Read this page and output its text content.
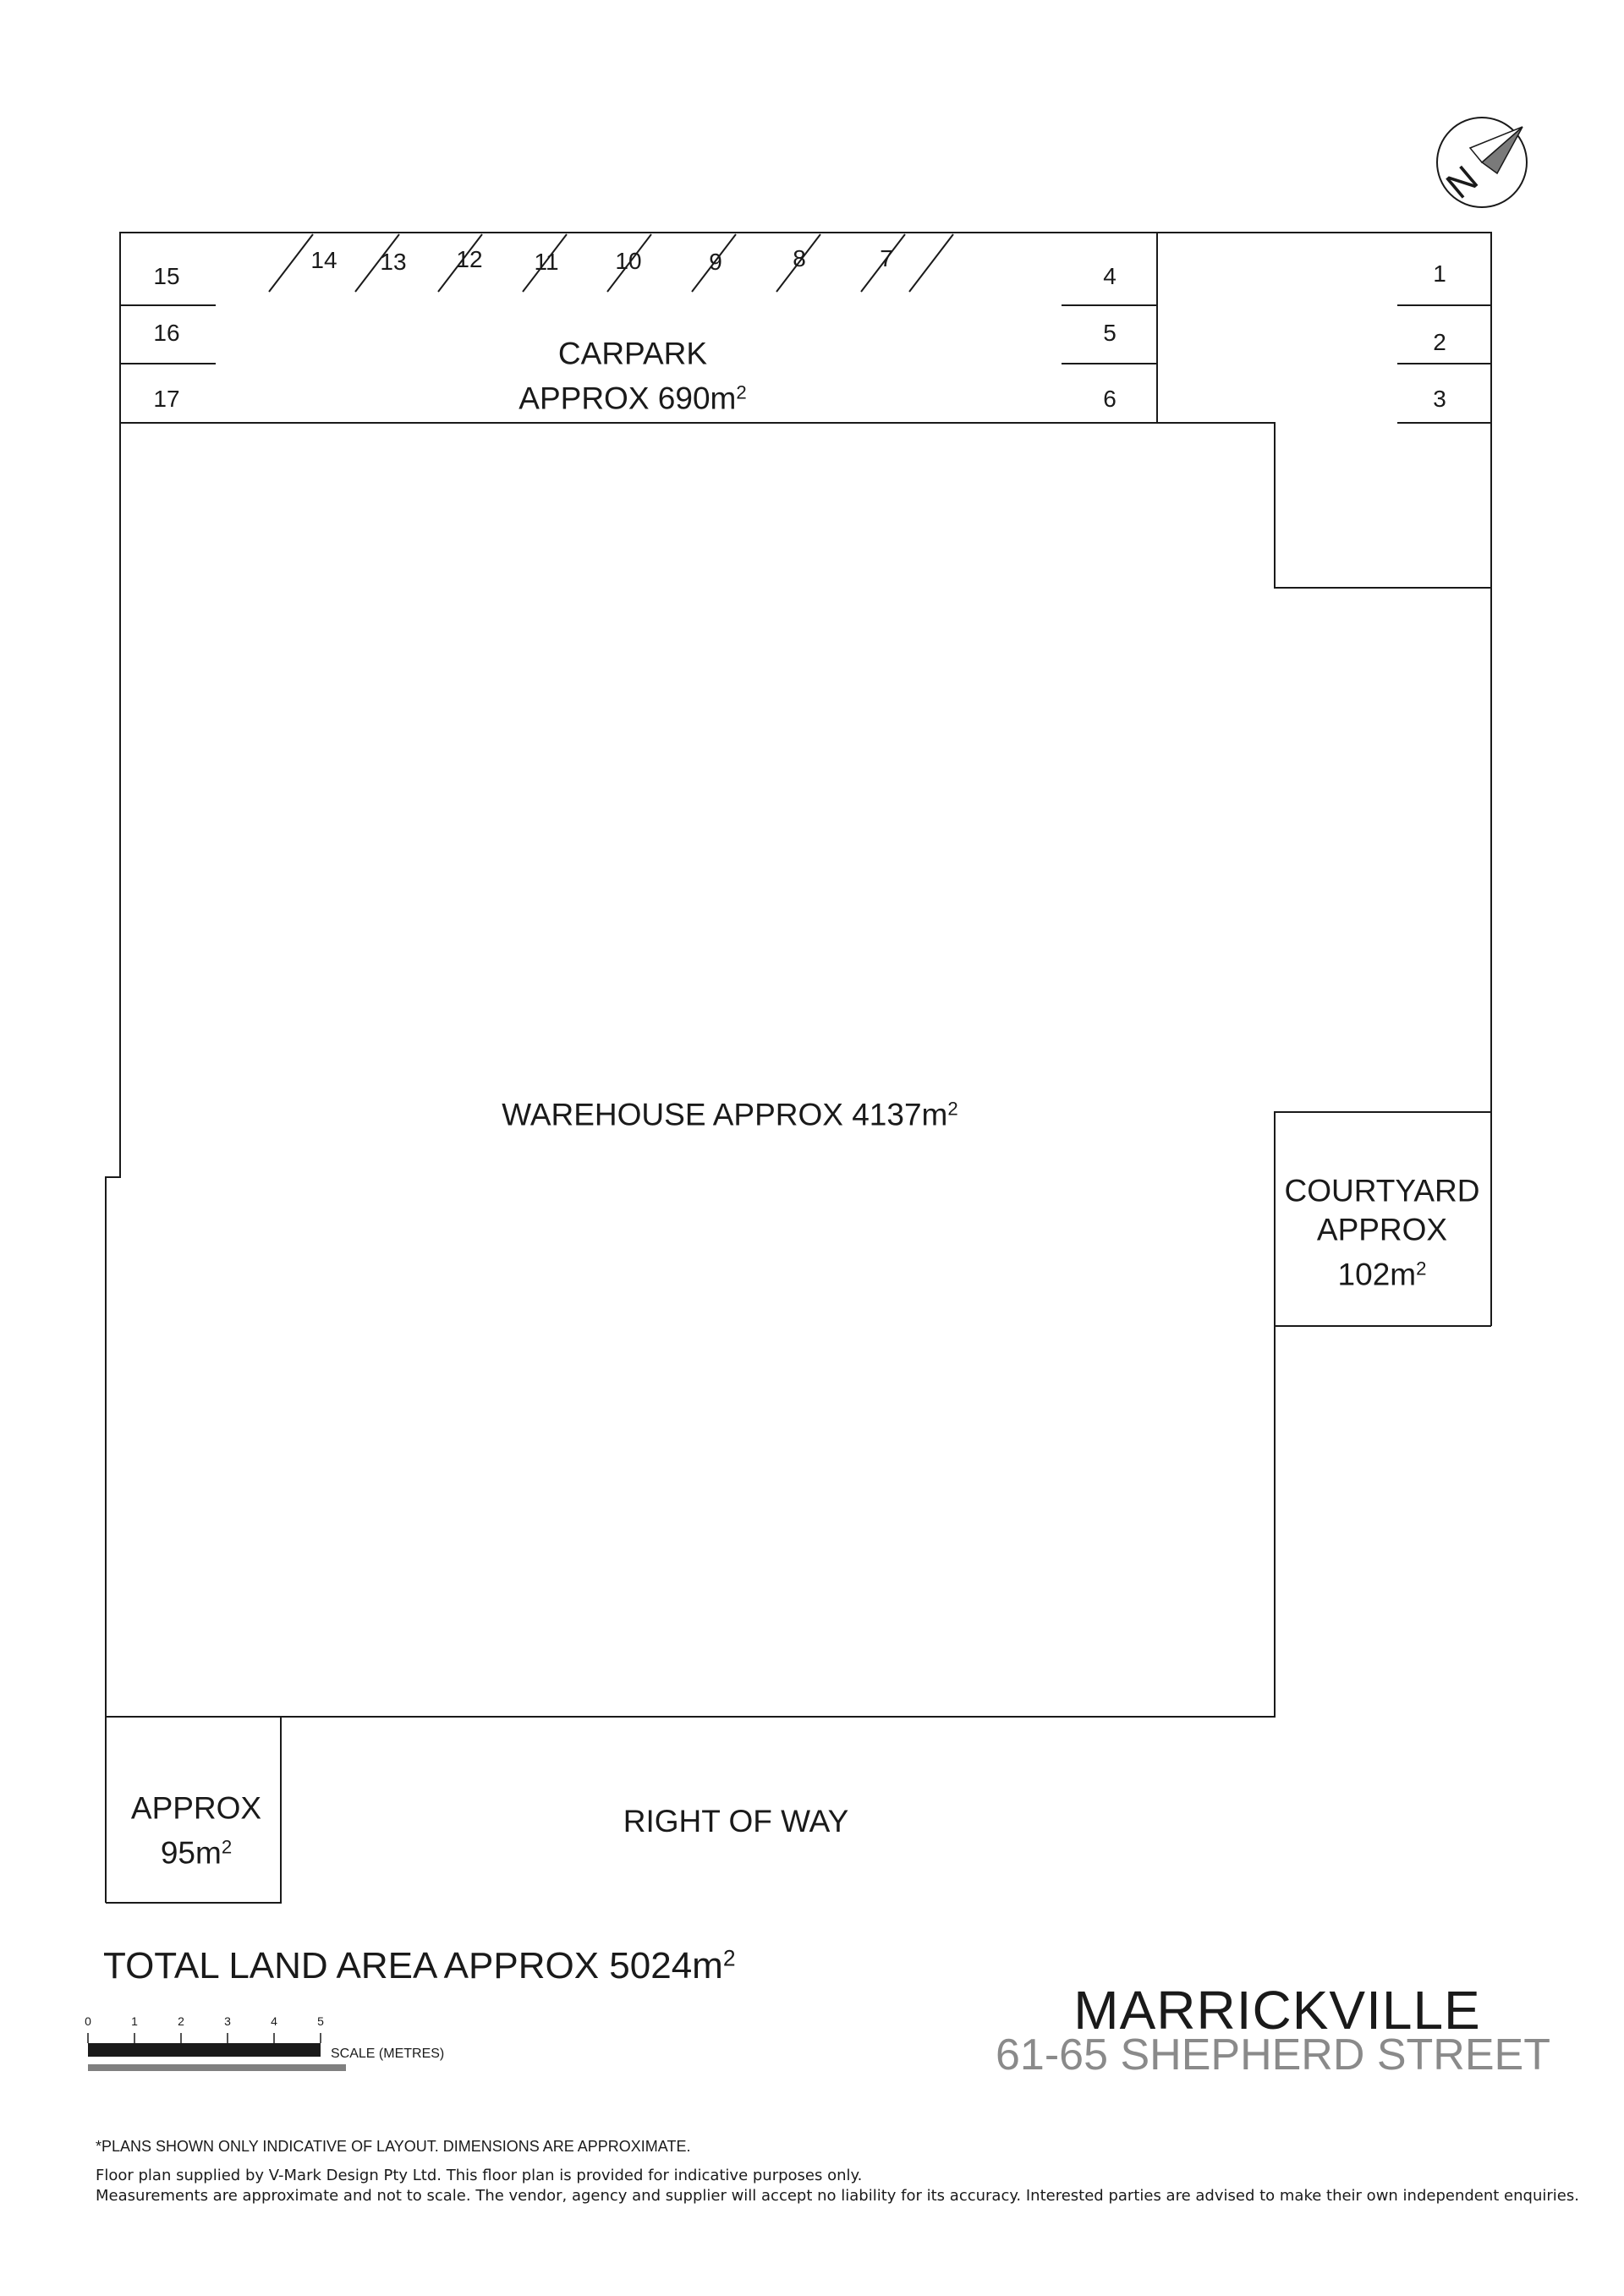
N
1
2
3
4
5
6
7
8
9
10
11
12
13
14
15
16
17
CARPARK
APPROX $690m^2$
WAREHOUSE APPROX $4137m^2$
COURTYARD
APPROX
$102m^2$
APPROX
$95m^2$
RIGHT OF WAY
TOTAL LAND AREA APPROX $5024m^2$
MARRICKVILLE
61-65 SHEPHERD STREET
0	1	2	3	4	5
SCALE (METRES)
*PLANS SHOWN ONLY INDICATIVE OF LAYOUT. DIMENSIONS ARE APPROXIMATE.
Floor plan supplied by V-Mark Design Pty Ltd. This floor plan is provided for indicative purposes only.
Measurements are approximate and not to scale. The vendor, agency and supplier will accept no liability for its accuracy. Interested parties are advised to make their own independent enquiries.
